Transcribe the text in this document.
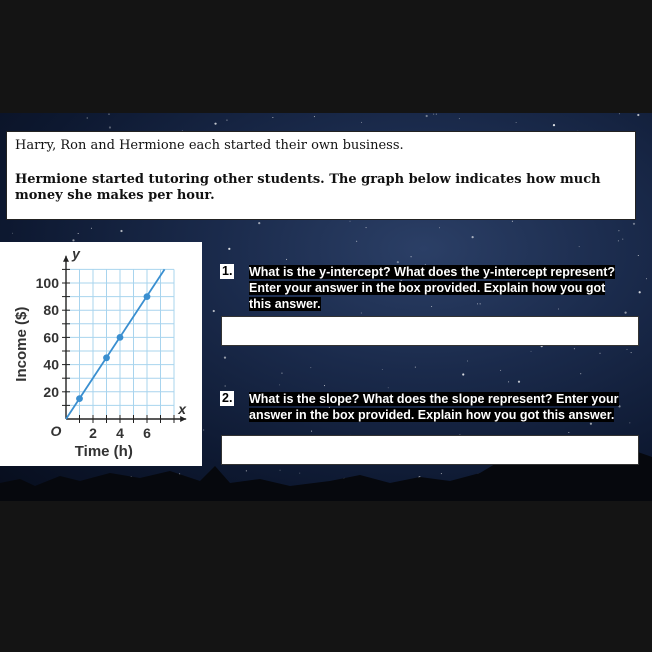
Harry, Ron and Hermione each started their own business.

Hermione started tutoring other students. The graph below indicates how much money she makes per hour.

2 4 6
20
40
60
80
100
O
x
y
Time (h)
Income ($)
1. What is the y-intercept? What does the y-intercept represent?
Enter your answer in the box provided. Explain how you got
this answer.
2. What is the slope? What does the slope represent? Enter your
answer in the box provided. Explain how you got this answer.
